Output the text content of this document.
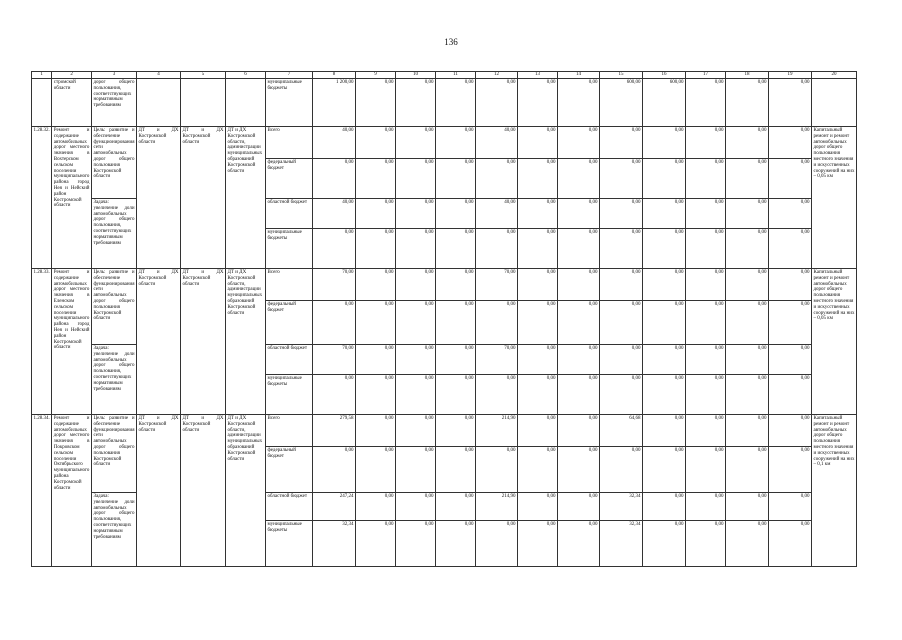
136
1	2	3	4	5	6	7	8	9	10	11	12	13	14	15	16	17	18	19	20
	стромской области	дорог общего пользования, соответствующих нормативным требованиям				муниципальные бюджеты	1 200,00	0,00	0,00	0,00	0,00	0,00	0,00	600,00	600,00	0,00	0,00	0,00	
1.28.32.	Ремонт и содержание автомобильных дорог местного значения в Вохтерском сельском поселении муниципального района город Нея и Нейский район Костромской области	Цель: развитие и обеспечение функционирования сети автомобильных дорог общего пользования Костромской области	ДТ и ДХ Костромской области	ДТ и ДХ Костромской области	ДТ и ДХ Костромской области, администрации муниципальных образований Костромской области	Всего	40,00	0,00	0,00	0,00	40,00	0,00	0,00	0,00	0,00	0,00	0,00	0,00	Капитальный ремонт и ремонт автомобильных дорог общего пользования местного значения и искусственных сооружений на них – 0,05 км
						федеральный бюджет	0,00	0,00	0,00	0,00	0,00	0,00	0,00	0,00	0,00	0,00	0,00	0,00	
		Задача: увеличение доли автомобильных дорог общего пользования, соответствующих нормативным требованиям				областной бюджет	40,00	0,00	0,00	0,00	40,00	0,00	0,00	0,00	0,00	0,00	0,00	0,00	
						муниципальные бюджеты	0,00	0,00	0,00	0,00	0,00	0,00	0,00	0,00	0,00	0,00	0,00	0,00	
1.28.33.	Ремонт и содержание автомобильных дорог местного значения в Еленском сельском поселении муниципального района город Нея и Нейский район Костромской области	Цель: развитие и обеспечение функционирования сети автомобильных дорог общего пользования Костромской области	ДТ и ДХ Костромской области	ДТ и ДХ Костромской области	ДТ и ДХ Костромской области, администрации муниципальных образований Костромской области	Всего	70,00	0,00	0,00	0,00	70,00	0,00	0,00	0,00	0,00	0,00	0,00	0,00	Капитальный ремонт и ремонт автомобильных дорог общего пользования местного значения и искусственных сооружений на них – 0,05 км
						федеральный бюджет	0,00	0,00	0,00	0,00	0,00	0,00	0,00	0,00	0,00	0,00	0,00	0,00	
		Задача: увеличение доли автомобильных дорог общего пользования, соответствующих нормативным требованиям				областной бюджет	70,00	0,00	0,00	0,00	70,00	0,00	0,00	0,00	0,00	0,00	0,00	0,00	
						муниципальные бюджеты	0,00	0,00	0,00	0,00	0,00	0,00	0,00	0,00	0,00	0,00	0,00	0,00	
1.28.34.	Ремонт и содержание автомобильных дорог местного значения в Покровском сельском поселении Октябрьского муниципального района Костромской области	Цель: развитие и обеспечение функционирования сети автомобильных дорог общего пользования Костромской области	ДТ и ДХ Костромской области	ДТ и ДХ Костромской области	ДТ и ДХ Костромской области, администрации муниципальных образований Костромской области	Всего	279,58	0,00	0,00	0,00	214,90	0,00	0,00	64,68	0,00	0,00	0,00	0,00	Капитальный ремонт и ремонт автомобильных дорог общего пользования местного значения и искусственных сооружений на них – 0,1 км
						федеральный бюджет	0,00	0,00	0,00	0,00	0,00	0,00	0,00	0,00	0,00	0,00	0,00	0,00	
		Задача: увеличение доли автомобильных дорог общего пользования, соответствующих нормативным требованиям				областной бюджет	247,24	0,00	0,00	0,00	214,90	0,00	0,00	32,34	0,00	0,00	0,00	0,00	
						муниципальные бюджеты	32,34	0,00	0,00	0,00	0,00	0,00	0,00	32,34	0,00	0,00	0,00	0,00	
